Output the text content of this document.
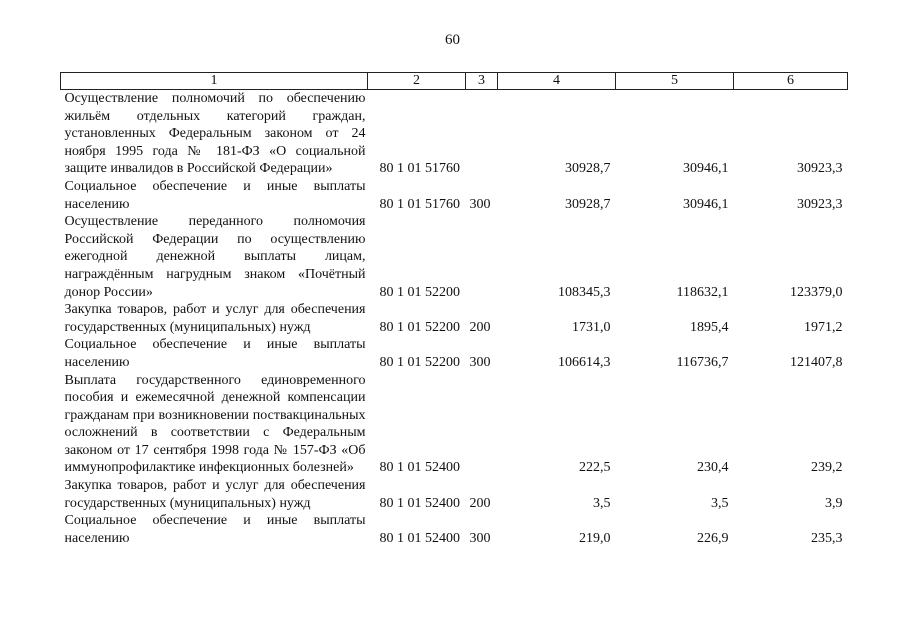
60
1	2	3	4	5	6

Осуществление полномочий по обеспечению жильём отдельных категорий граждан, установленных Федеральным законом от 24 ноября 1995 года № 181-ФЗ «О социальной защите инвалидов в Российской Федерации»	80 1 01 51760		30928,7	30946,1	30923,3

Социальное обеспечение и иные выплаты населению	80 1 01 51760	300	30928,7	30946,1	30923,3

Осуществление переданного полномочия Российской Федерации по осуществлению ежегодной денежной выплаты лицам, награждённым нагрудным знаком «Почётный донор России»	80 1 01 52200		108345,3	118632,1	123379,0

Закупка товаров, работ и услуг для обеспечения государственных (муниципальных) нужд	80 1 01 52200	200	1731,0	1895,4	1971,2

Социальное обеспечение и иные выплаты населению	80 1 01 52200	300	106614,3	116736,7	121407,8

Выплата государственного единовременного пособия и ежемесячной денежной компенсации гражданам при возникновении поствакцинальных осложнений в соответствии с Федеральным законом от 17 сентября 1998 года № 157-ФЗ «Об иммунопрофилактике инфекционных болезней»	80 1 01 52400		222,5	230,4	239,2

Закупка товаров, работ и услуг для обеспечения государственных (муниципальных) нужд	80 1 01 52400	200	3,5	3,5	3,9

Социальное обеспечение и иные выплаты населению	80 1 01 52400	300	219,0	226,9	235,3
